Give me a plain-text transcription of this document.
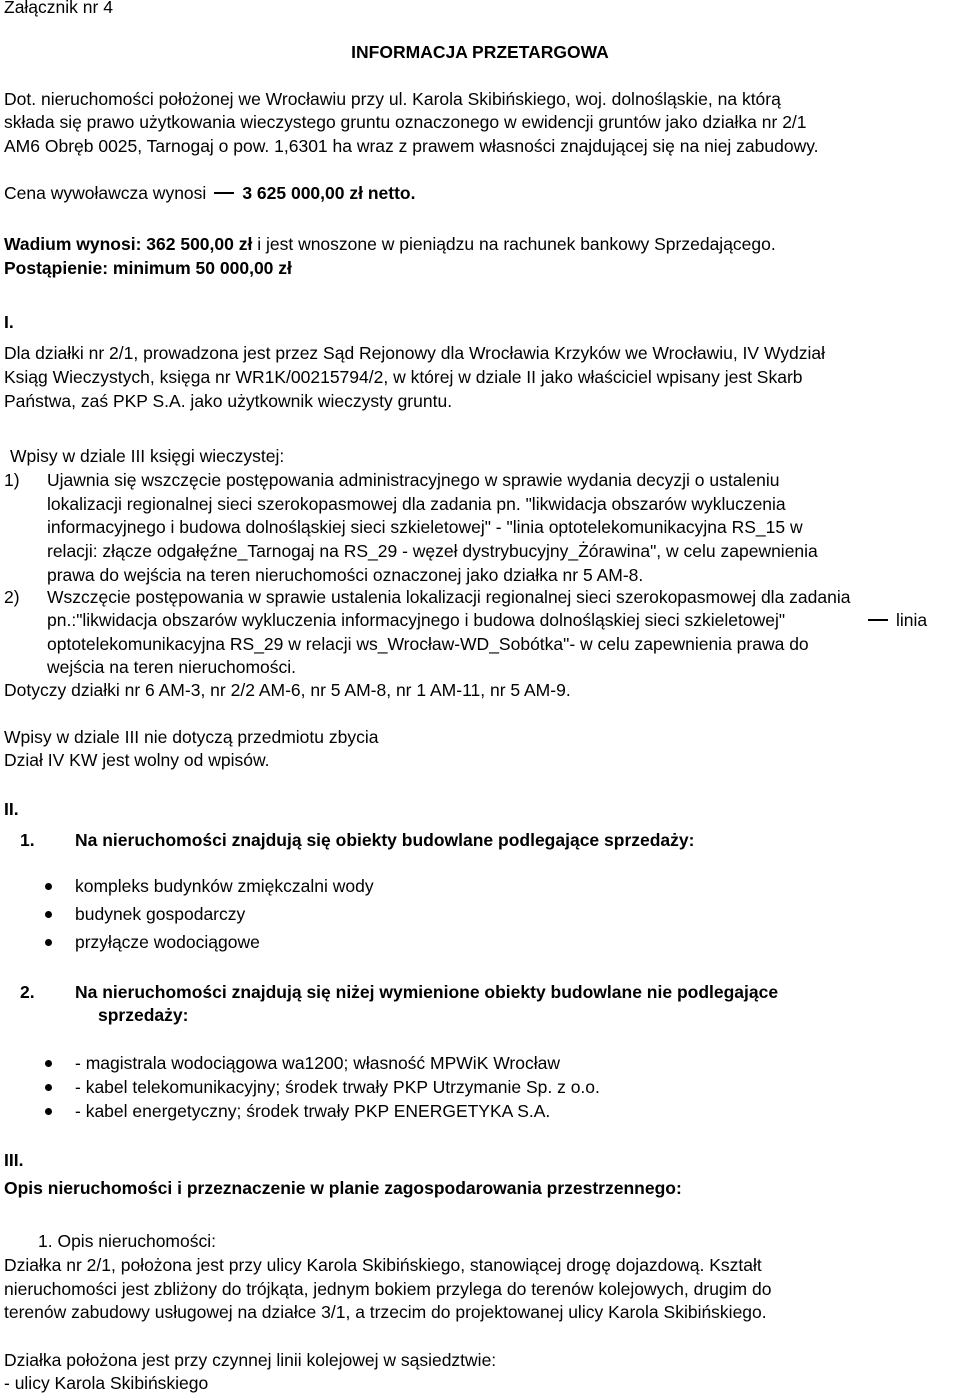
Załącznik nr 4
INFORMACJA PRZETARGOWA
Dot. nieruchomości położonej we Wrocławiu przy ul. Karola Skibińskiego, woj. dolnośląskie, na którą
składa się prawo użytkowania wieczystego gruntu oznaczonego w ewidencji gruntów jako działka nr 2/1
AM6 Obręb 0025, Tarnogaj o pow. 1,6301 ha wraz z prawem własności znajdującej się na niej zabudowy.
Cena wywoławcza wynosi 3 625 000,00 zł netto.
Wadium wynosi: 362 500,00 zł i jest wnoszone w pieniądzu na rachunek bankowy Sprzedającego.
Postąpienie: minimum 50 000,00 zł
I.
Dla działki nr 2/1, prowadzona jest przez Sąd Rejonowy dla Wrocławia Krzyków we Wrocławiu, IV Wydział
Ksiąg Wieczystych, księga nr WR1K/00215794/2, w której w dziale II jako właściciel wpisany jest Skarb
Państwa, zaś PKP S.A. jako użytkownik wieczysty gruntu.
Wpisy w dziale III księgi wieczystej:
1) Ujawnia się wszczęcie postępowania administracyjnego w sprawie wydania decyzji o ustaleniu
lokalizacji regionalnej sieci szerokopasmowej dla zadania pn. "likwidacja obszarów wykluczenia
informacyjnego i budowa dolnośląskiej sieci szkieletowej" - "linia optotelekomunikacyjna RS_15 w
relacji: złącze odgałęźne_Tarnogaj na RS_29 - węzeł dystrybucyjny_Żórawina", w celu zapewnienia
prawa do wejścia na teren nieruchomości oznaczonej jako działka nr 5 AM-8.
2) Wszczęcie postępowania w sprawie ustalenia lokalizacji regionalnej sieci szerokopasmowej dla zadania
pn.:"likwidacja obszarów wykluczenia informacyjnego i budowa dolnośląskiej sieci szkieletowej"	linia
optotelekomunikacyjna RS_29 w relacji ws_Wrocław-WD_Sobótka"- w celu zapewnienia prawa do
wejścia na teren nieruchomości.
Dotyczy działki nr 6 AM-3, nr 2/2 AM-6, nr 5 AM-8, nr 1 AM-11, nr 5 AM-9.
Wpisy w dziale III nie dotyczą przedmiotu zbycia
Dział IV KW jest wolny od wpisów.
II.
1. Na nieruchomości znajdują się obiekty budowlane podlegające sprzedaży:
kompleks budynków zmiękczalni wody
budynek gospodarczy
przyłącze wodociągowe
2. Na nieruchomości znajdują się niżej wymienione obiekty budowlane nie podlegające
sprzedaży:
- magistrala wodociągowa wa1200; własność MPWiK Wrocław
- kabel telekomunikacyjny; środek trwały PKP Utrzymanie Sp. z o.o.
- kabel energetyczny; środek trwały PKP ENERGETYKA S.A.
III.
Opis nieruchomości i przeznaczenie w planie zagospodarowania przestrzennego:
1. Opis nieruchomości:
Działka nr 2/1, położona jest przy ulicy Karola Skibińskiego, stanowiącej drogę dojazdową. Kształt
nieruchomości jest zbliżony do trójkąta, jednym bokiem przylega do terenów kolejowych, drugim do
terenów zabudowy usługowej na działce 3/1, a trzecim do projektowanej ulicy Karola Skibińskiego.
Działka położona jest przy czynnej linii kolejowej w sąsiedztwie:
- ulicy Karola Skibińskiego
